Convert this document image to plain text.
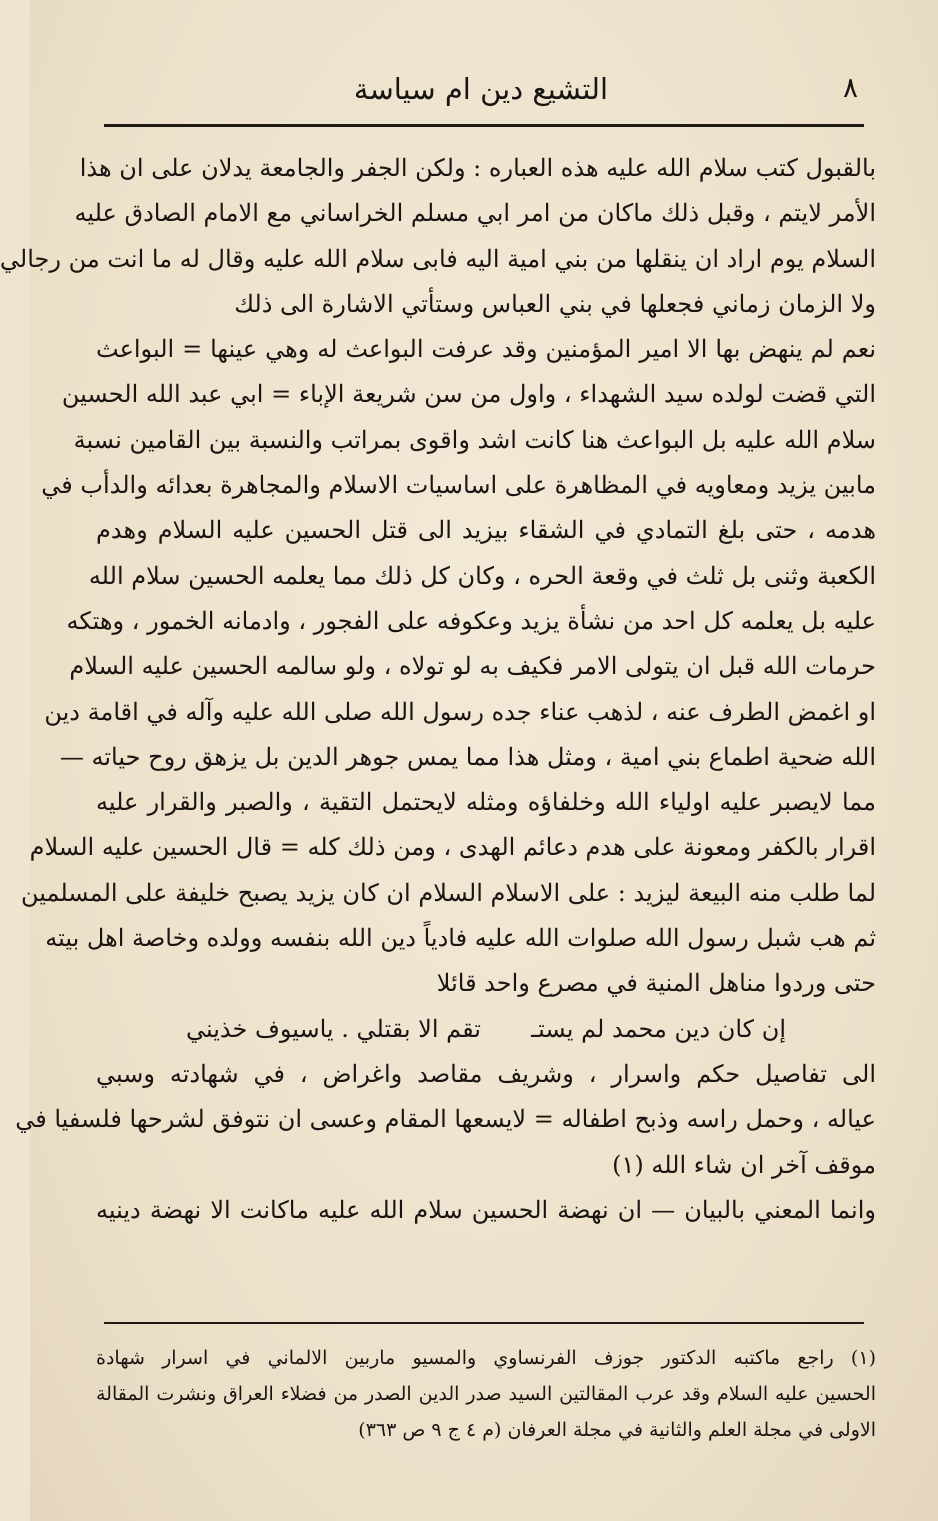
٨
التشيع دين ام سياسة
بالقبول كتب سلام الله عليه هذه العباره : ولكن الجفر والجامعة يدلان على ان هذا
الأمر لايتم ، وقبل ذلك ماكان من امر ابي مسلم الخراساني مع الامام الصادق عليه
السلام يوم اراد ان ينقلها من بني امية اليه فابى سلام الله عليه وقال له ما انت من رجالي
ولا الزمان زماني فجعلها في بني العباس وستأتي الاشارة الى ذلك
نعم لم ينهض بها الا امير المؤمنين وقد عرفت البواعث له وهي عينها = البواعث
التي قضت لولده سيد الشهداء ، واول من سن شريعة الإباء = ابي عبد الله الحسين
سلام الله عليه بل البواعث هنا كانت اشد واقوى بمراتب والنسبة بين القامين نسبة
مابين يزيد ومعاويه في المظاهرة على اساسيات الاسلام والمجاهرة بعدائه والدأب في
هدمه ، حتى بلغ التمادي في الشقاء بيزيد الى قتل الحسين عليه السلام وهدم
الكعبة وثنى بل ثلث في وقعة الحره ، وكان كل ذلك مما يعلمه الحسين سلام الله
عليه بل يعلمه كل احد من نشأة يزيد وعكوفه على الفجور ، وادمانه الخمور ، وهتكه
حرمات الله قبل ان يتولى الامر فكيف به لو تولاه ، ولو سالمه الحسين عليه السلام
او اغمض الطرف عنه ، لذهب عناء جده رسول الله صلى الله عليه وآله في اقامة دين
الله ضحية اطماع بني امية ، ومثل هذا مما يمس جوهر الدين بل يزهق روح حياته —
مما لايصبر عليه اولياء الله وخلفاؤه ومثله لايحتمل التقية ، والصبر والقرار عليه
اقرار بالكفر ومعونة على هدم دعائم الهدى ، ومن ذلك كله = قال الحسين عليه السلام
لما طلب منه البيعة ليزيد : على الاسلام السلام ان كان يزيد يصبح خليفة على المسلمين
ثم هب شبل رسول الله صلوات الله عليه فادياً دين الله بنفسه وولده وخاصة اهل بيته
حتى وردوا مناهل المنية في مصرع واحد قائلا
إن كان دين محمد لم يستـ
تقم الا بقتلي . ياسيوف خذيني
الى تفاصيل حكم واسرار ، وشريف مقاصد واغراض ، في شهادته وسبي
عياله ، وحمل راسه وذبح اطفاله = لايسعها المقام وعسى ان نتوفق لشرحها فلسفيا في
موقف آخر ان شاء الله (١)
وانما المعني بالبيان — ان نهضة الحسين سلام الله عليه ماكانت الا نهضة دينيه
(١) راجع ماكتبه الدكتور جوزف الفرنساوي والمسيو ماربين الالماني في اسرار شهادة
الحسين عليه السلام وقد عرب المقالتين السيد صدر الدين الصدر من فضلاء العراق ونشرت المقالة
الاولى في مجلة العلم والثانية في مجلة العرفان (م ٤ ج ٩ ص ٣٦٣)
